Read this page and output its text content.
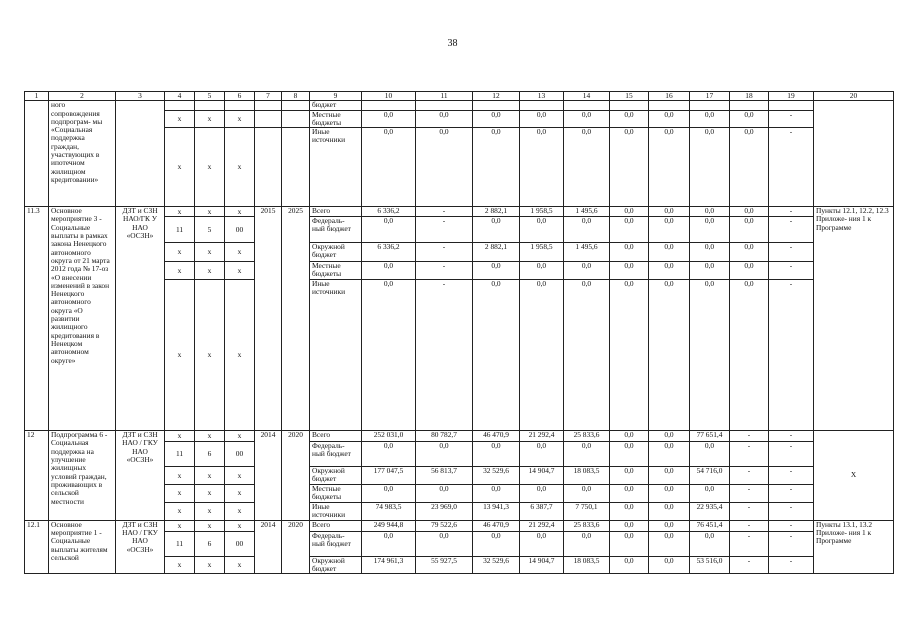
38
1	2	3	4	5	6	7	8	9	10	11	12	13	14	15	16	17	18	19	20
	ного сопровождения подпрограм- мы «Социальная поддержка граждан, участвующих в ипотечном жилищном кредитовании»							бюджет											
			x	x	x			Местные бюджеты	0,0	0,0	0,0	0,0	0,0	0,0	0,0	0,0	0,0	-	
			x	x	x			Иные источники	0,0	0,0	0,0	0,0	0,0	0,0	0,0	0,0	0,0	-	
11.3	Основное мероприятие 3 - Социальные выплаты в рамках закона Ненецкого автономного округа от 21 марта 2012 года № 17-оз «О внесении изменений в закон Ненецкого автономного округа «О развитии жилищного кредитования в Ненецком автономном округе»	ДЗТ и СЗН НАО/ГК У НАО «ОСЗН»	x	x	x	2015	2025	Всего	6 336,2	-	2 882,1	1 958,5	1 495,6	0,0	0,0	0,0	0,0	-	Пункты 12.1, 12.2, 12.3 Приложе- ния 1 к Программе
			11	5	00			Федераль- ный бюджет	0,0	-	0,0	0,0	0,0	0,0	0,0	0,0	0,0	-	
			x	x	x			Окружной бюджет	6 336,2	-	2 882,1	1 958,5	1 495,6	0,0	0,0	0,0	0,0	-	
			x	x	x			Местные бюджеты	0,0	-	0,0	0,0	0,0	0,0	0,0	0,0	0,0	-	
			x	x	x			Иные источники	0,0	-	0,0	0,0	0,0	0,0	0,0	0,0	0,0	-	
12	Подпрограмма 6 - Социальная поддержка на улучшение жилищных условий граждан, проживающих в сельской местности	ДЗТ и СЗН НАО / ГКУ НАО «ОСЗН»	x	x	x	2014	2020	Всего	252 031,0	80 782,7	46 470,9	21 292,4	25 833,6	0,0	0,0	77 651,4	-	-	Х
			11	6	00			Федераль- ный бюджет	0,0	0,0	0,0	0,0	0,0	0,0	0,0	0,0	-	-	
			x	x	x			Окружной бюджет	177 047,5	56 813,7	32 529,6	14 904,7	18 083,5	0,0	0,0	54 716,0	-	-	
			x	x	x			Местные бюджеты	0,0	0,0	0,0	0,0	0,0	0,0	0,0	0,0	-	-	
			x	x	x			Иные источники	74 983,5	23 969,0	13 941,3	6 387,7	7 750,1	0,0	0,0	22 935,4	-	-	
12.1	Основное мероприятие 1 - Социальные выплаты жителям сельской	ДЗТ и СЗН НАО / ГКУ НАО «ОСЗН»	x	x	x	2014	2020	Всего	249 944,8	79 522,6	46 470,9	21 292,4	25 833,6	0,0	0,0	76 451,4	-	-	Пункты 13.1, 13.2 Приложе- ния 1 к Программе
			11	6	00			Федераль- ный бюджет	0,0	0,0	0,0	0,0	0,0	0,0	0,0	0,0	-	-	
			x	x	x			Окружной бюджет	174 961,3	55 927,5	32 529,6	14 904,7	18 083,5	0,0	0,0	53 516,0	-	-	
